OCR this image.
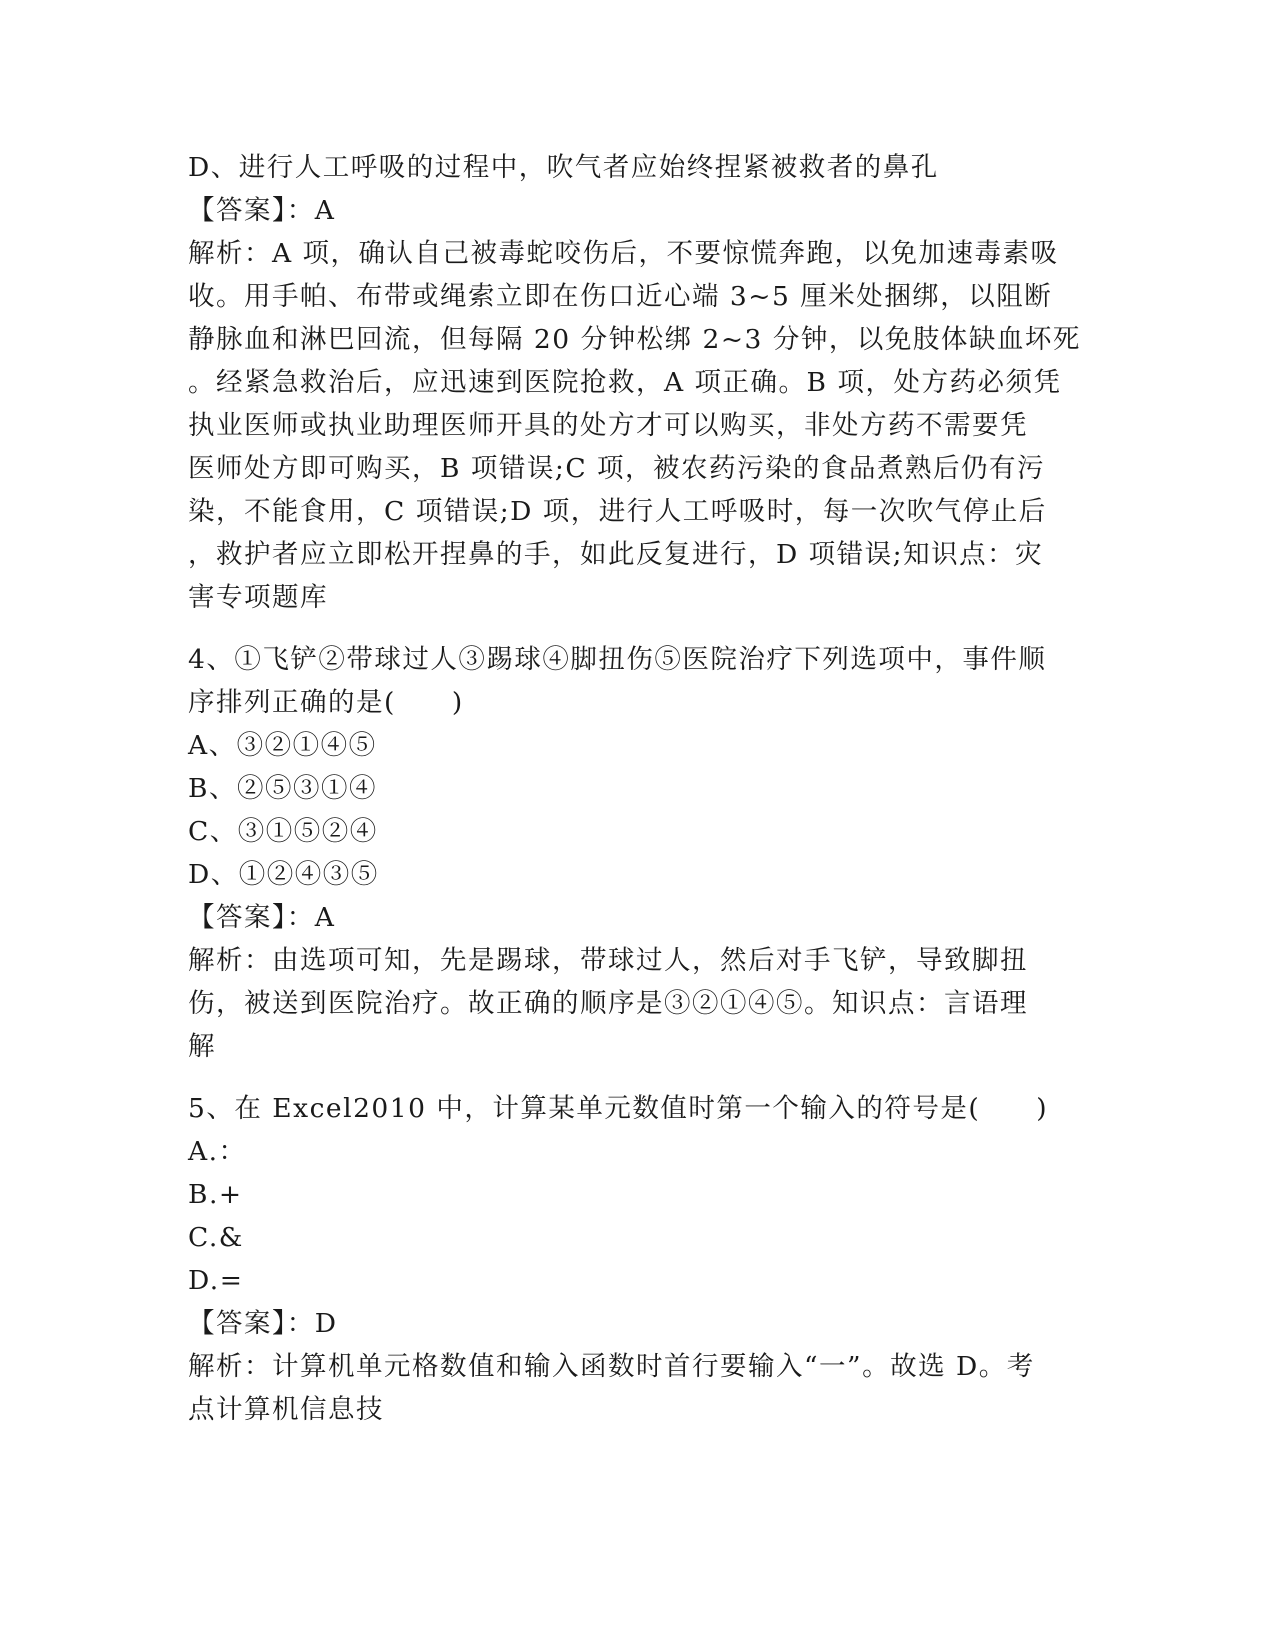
D、进行人工呼吸的过程中，吹气者应始终捏紧被救者的鼻孔
【答案】：A
解析：A 项，确认自己被毒蛇咬伤后，不要惊慌奔跑，以免加速毒素吸
收。用手帕、布带或绳索立即在伤口近心端 3~5 厘米处捆绑，以阻断
静脉血和淋巴回流，但每隔 20 分钟松绑 2~3 分钟，以免肢体缺血坏死
。经紧急救治后，应迅速到医院抢救，A 项正确。B 项，处方药必须凭
执业医师或执业助理医师开具的处方才可以购买，非处方药不需要凭
医师处方即可购买，B 项错误;C 项，被农药污染的食品煮熟后仍有污
染，不能食用，C 项错误;D 项，进行人工呼吸时，每一次吹气停止后
，救护者应立即松开捏鼻的手，如此反复进行，D 项错误;知识点：灾
害专项题库
4、①飞铲②带球过人③踢球④脚扭伤⑤医院治疗下列选项中，事件顺
序排列正确的是(　　)
A、③②①④⑤
B、②⑤③①④
C、③①⑤②④
D、①②④③⑤
【答案】：A
解析：由选项可知，先是踢球，带球过人，然后对手飞铲，导致脚扭
伤，被送到医院治疗。故正确的顺序是③②①④⑤。知识点：言语理
解
5、在 Excel2010 中，计算某单元数值时第一个输入的符号是(　　)
A.：
B.+
C.&
D.=
【答案】：D
解析：计算机单元格数值和输入函数时首行要输入“一”。故选 D。考
点计算机信息技
